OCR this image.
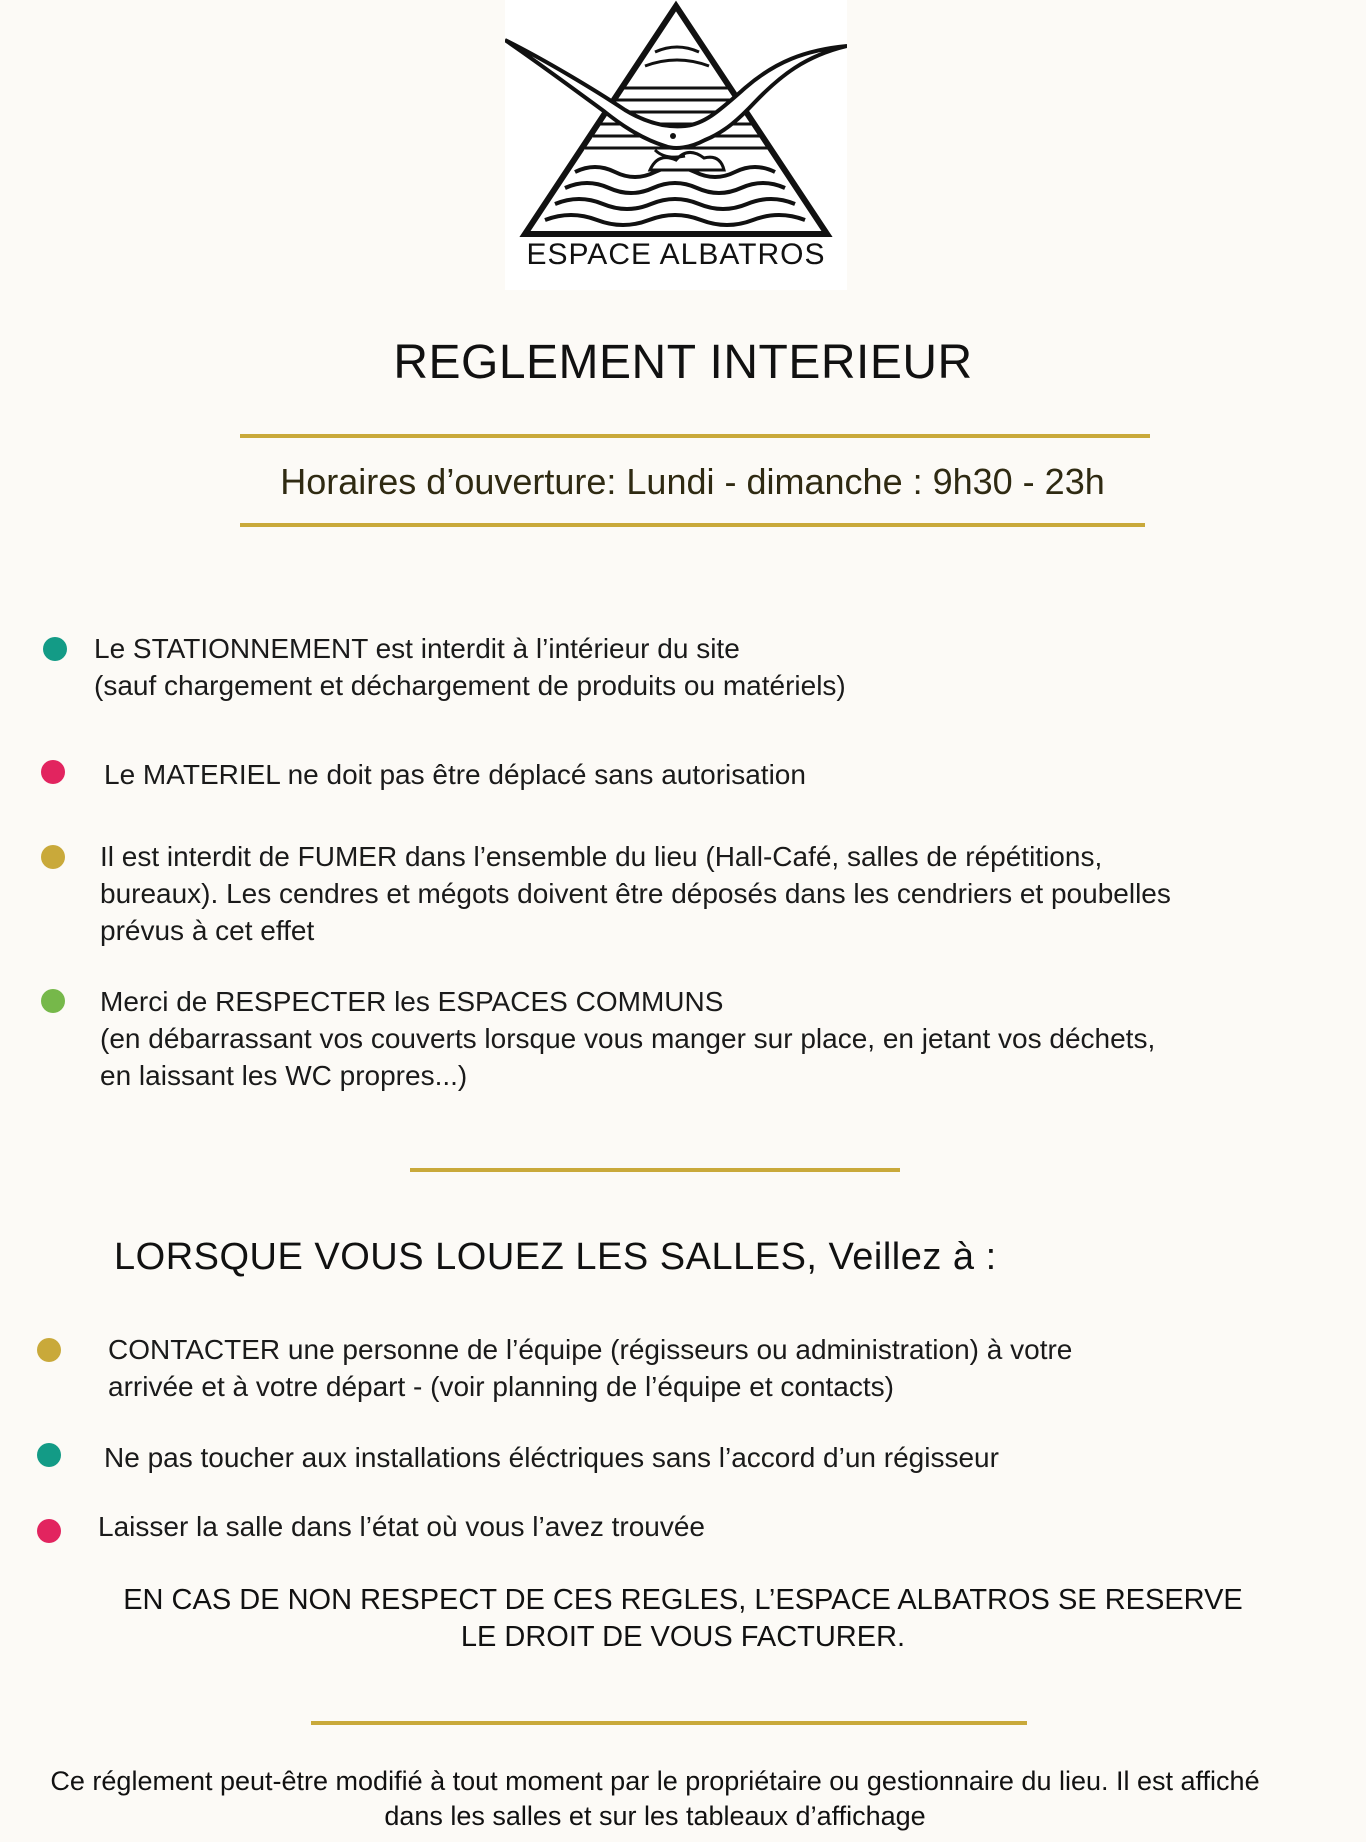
ESPACE ALBATROS
REGLEMENT INTERIEUR
Horaires d’ouverture: Lundi - dimanche : 9h30 - 23h
Le STATIONNEMENT est interdit à l’intérieur du site
(sauf chargement et déchargement de produits ou matériels)
Le MATERIEL ne doit pas être déplacé sans autorisation
Il est interdit de FUMER dans l’ensemble du lieu (Hall-Café, salles de répétitions,
bureaux). Les cendres et mégots doivent être déposés dans les cendriers et poubelles
prévus à cet effet
Merci de RESPECTER les ESPACES COMMUNS
(en débarrassant vos couverts lorsque vous manger sur place, en jetant vos déchets,
en laissant les WC propres...)
LORSQUE VOUS LOUEZ LES SALLES, Veillez à :
CONTACTER une personne de l’équipe (régisseurs ou administration) à votre
arrivée et à votre départ - (voir planning de l’équipe et contacts)
Ne pas toucher aux installations éléctriques sans l’accord d’un régisseur
Laisser la salle dans l’état où vous l’avez trouvée
EN CAS DE NON RESPECT DE CES REGLES, L’ESPACE ALBATROS SE RESERVE
LE DROIT DE VOUS FACTURER.
Ce réglement peut-être modifié à tout moment par le propriétaire ou gestionnaire du lieu. Il est affiché
dans les salles et sur les tableaux d’affichage
